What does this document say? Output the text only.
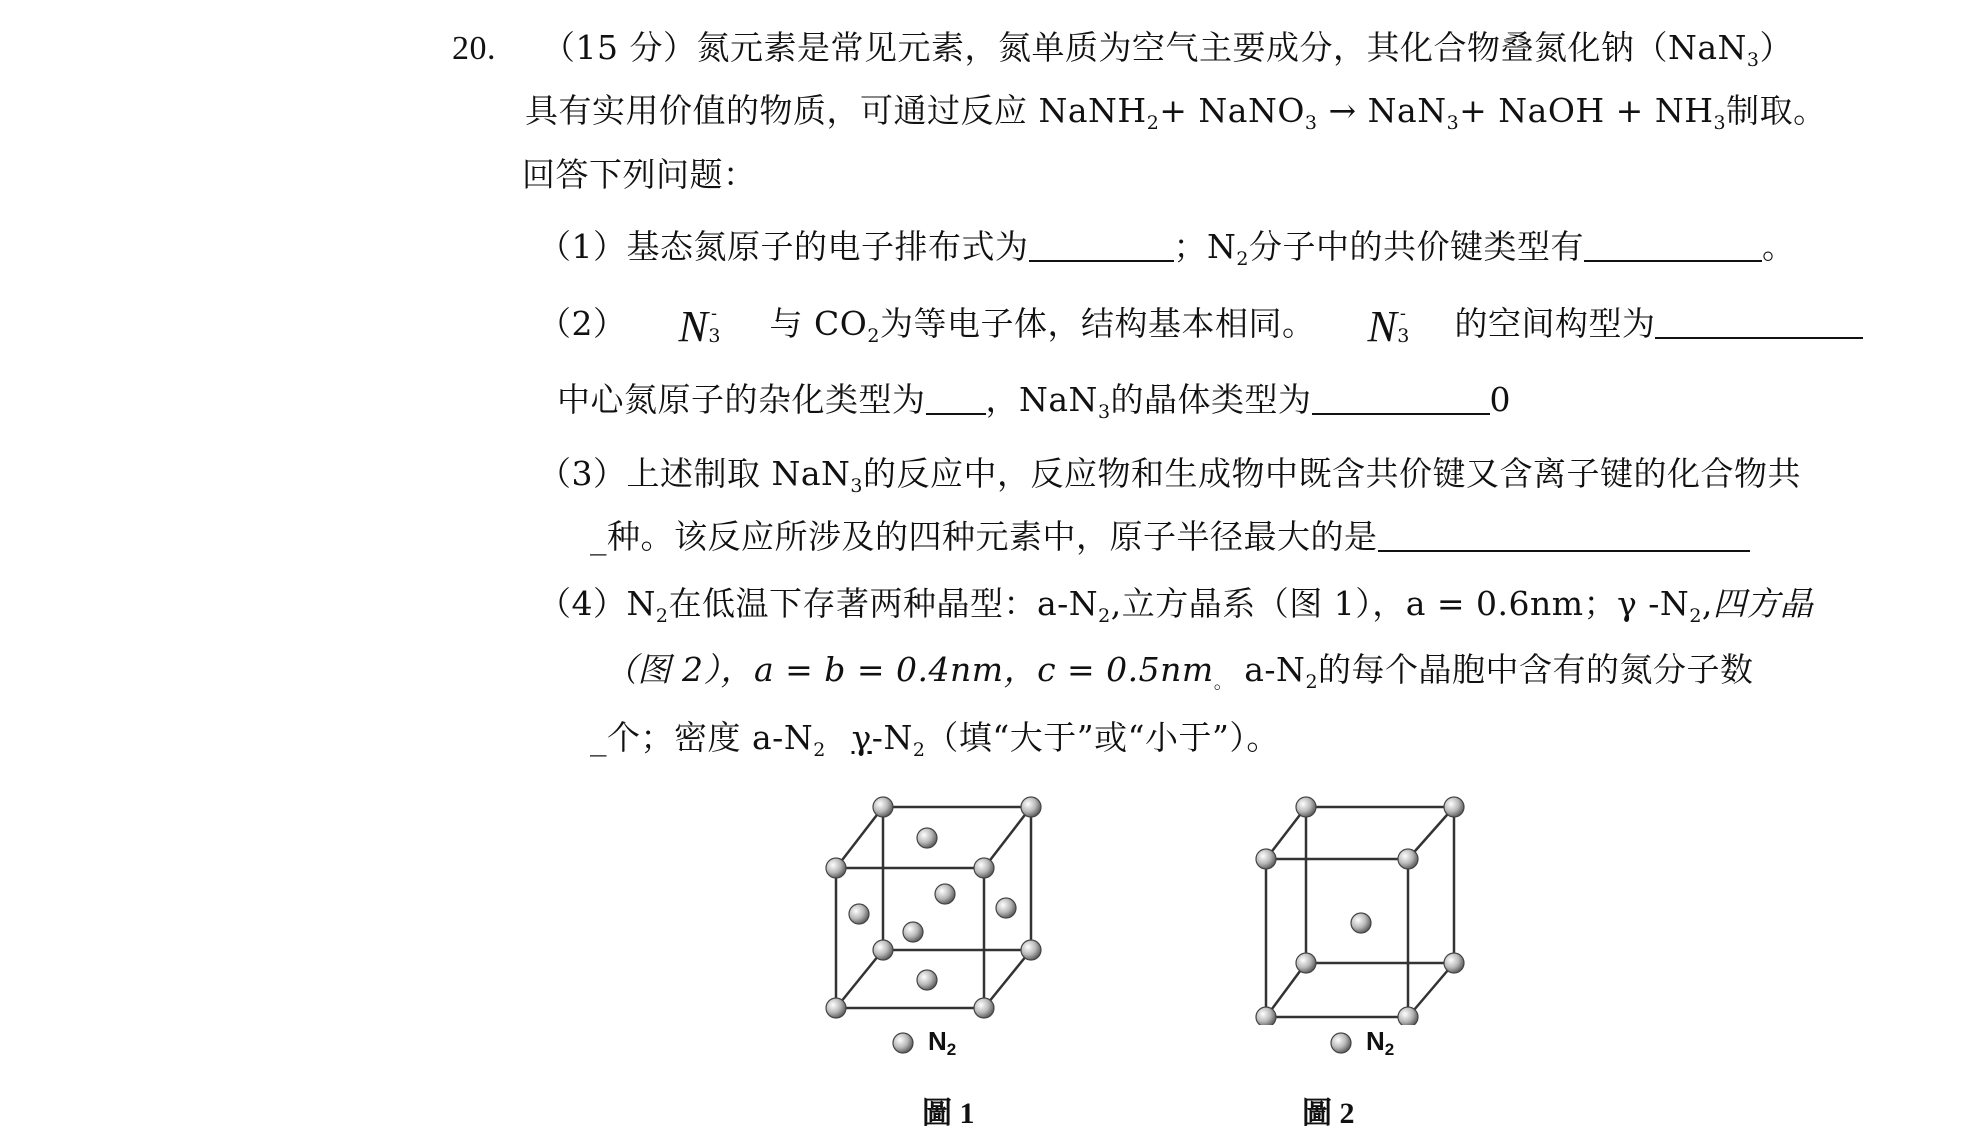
20. （15 分）氮元素是常见元素，氮单质为空气主要成分，其化合物叠氮化钠（NaN$_3$）
具有实用价值的物质，可通过反应 NaNH$_2$+ NaNO$_3$ → NaN$_3$+ NaOH + $NH_3$制取。
回答下列问题：
（1）基态氮原子的电子排布式为	；$N_2$分子中的共价键类型有	。
（2） $N_3^-$ 与 $CO_2$为等电子体，结构基本相同。 $N_3^-$ 的空间构型为
中心氮原子的杂化类型为 ，NaN$_3$的晶体类型为	0
（3）上述制取 NaN$_3$的反应中，反应物和生成物中既含共价键又含离子键的化合物共
_种。该反应所涉及的四种元素中，原子半径最大的是
$(4)N_2$在低温下存著两种晶型：$a-N_2$,立方晶系（图 1），a = 0.6nm；γ $-N_2$,四方晶
（图 2），a = b = 0.4nm，$c = 0.5nm_。$ $a-N_2$的每个晶胞中含有的氮分子数
_个；密度 $a-N_2$ $\gamma-N_2$（填“大于”或“小于”）。
N2
圖 1
N2
圖 2
